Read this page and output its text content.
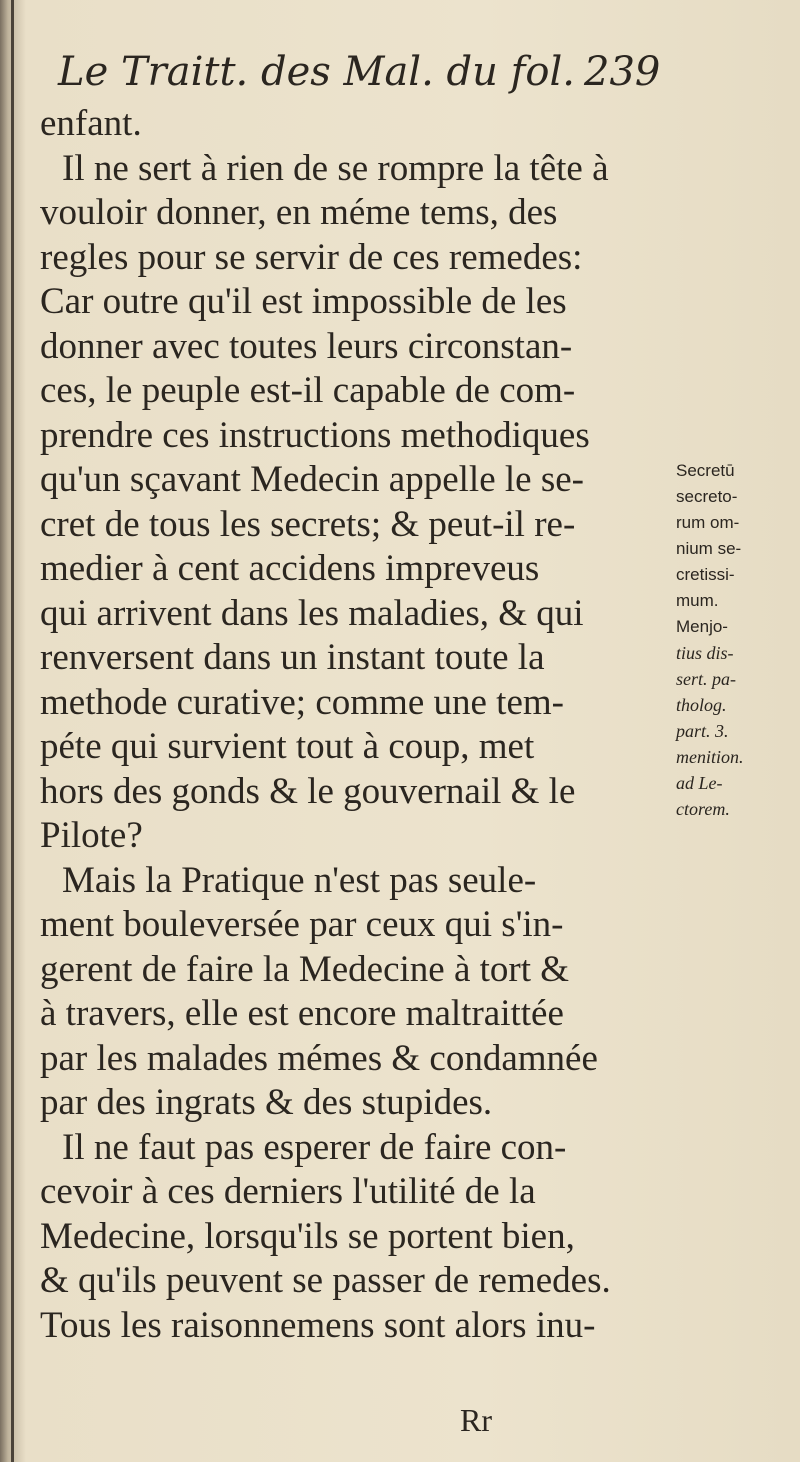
Le Traitt. des Mal. du fol. 239
enfant.
Il ne sert à rien de se rompre la tête à
vouloir donner, en méme tems, des
regles pour se servir de ces remedes:
Car outre qu'il est impossible de les
donner avec toutes leurs circonstan-
ces, le peuple est-il capable de com-
prendre ces instructions methodiques
qu'un sçavant Medecin appelle le se-
cret de tous les secrets; & peut-il re-
medier à cent accidens impreveus
qui arrivent dans les maladies, & qui
renversent dans un instant toute la
methode curative; comme une tem-
péte qui survient tout à coup, met
hors des gonds & le gouvernail & le
Pilote?
Mais la Pratique n'est pas seule-
ment bouleversée par ceux qui s'in-
gerent de faire la Medecine à tort &
à travers, elle est encore maltraittée
par les malades mémes & condamnée
par des ingrats & des stupides.
Il ne faut pas esperer de faire con-
cevoir à ces derniers l'utilité de la
Medecine, lorsqu'ils se portent bien,
& qu'ils peuvent se passer de remedes.
Tous les raisonnemens sont alors inu-
Rr
Secretū
secreto-
rum om-
nium se-
cretissi-
mum.
Menjo-
tius dis-
sert. pa-
tholog.
part. 3.
menition.
ad Le-
ctorem.
